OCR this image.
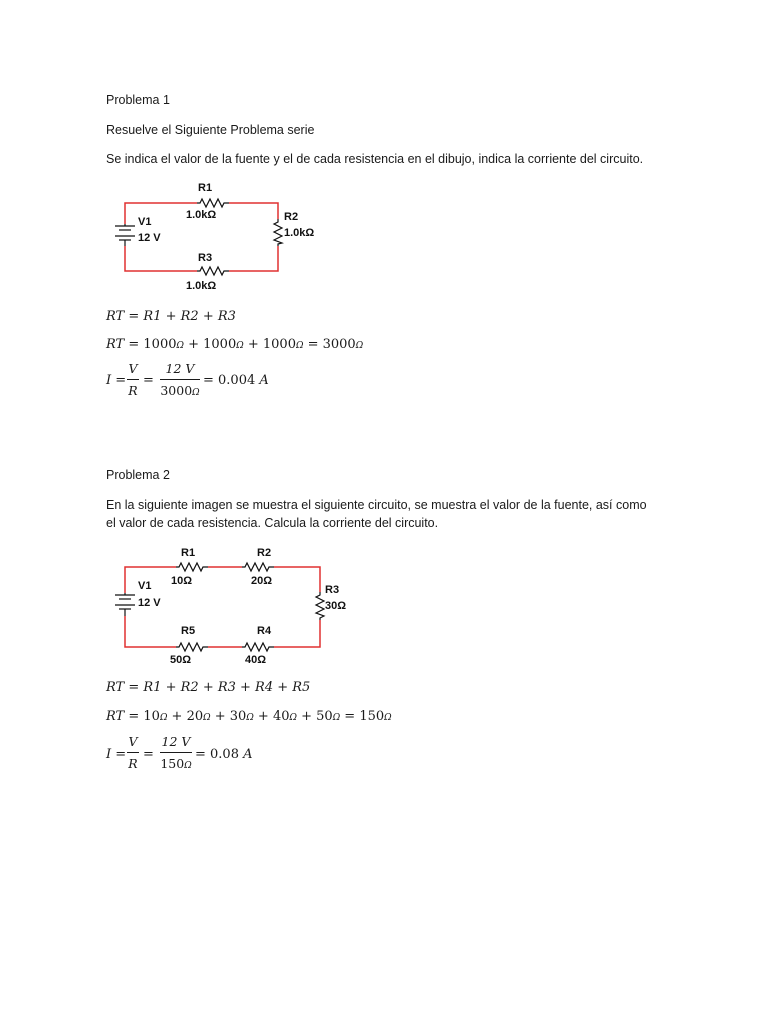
Problema 1
Resuelve el Siguiente Problema serie
Se indica el valor de la fuente y el de cada resistencia en el dibujo, indica la corriente del circuito.
R1
1.0kΩ	R2
1.0kΩ
R3
1.0kΩ
V1
12 V
R1
10Ω
R2
20Ω
R3
30Ω
R4
40Ω
R5
50Ω
V1
12 V
RT = R1 + R2 + R3
RT = 1000Ω + 1000Ω + 1000Ω = 3000Ω
I =
V
R
=
12 V
3000Ω
= 0.004 A
Problema 2
En la siguiente imagen se muestra el siguiente circuito, se muestra el valor de la fuente, así como
el valor de cada resistencia. Calcula la corriente del circuito.
RT = R1 + R2 + R3 + R4 + R5
RT = 10Ω + 20Ω + 30Ω + 40Ω + 50Ω = 150Ω
I =
V
R
=
12 V
150Ω
= 0.08 A
